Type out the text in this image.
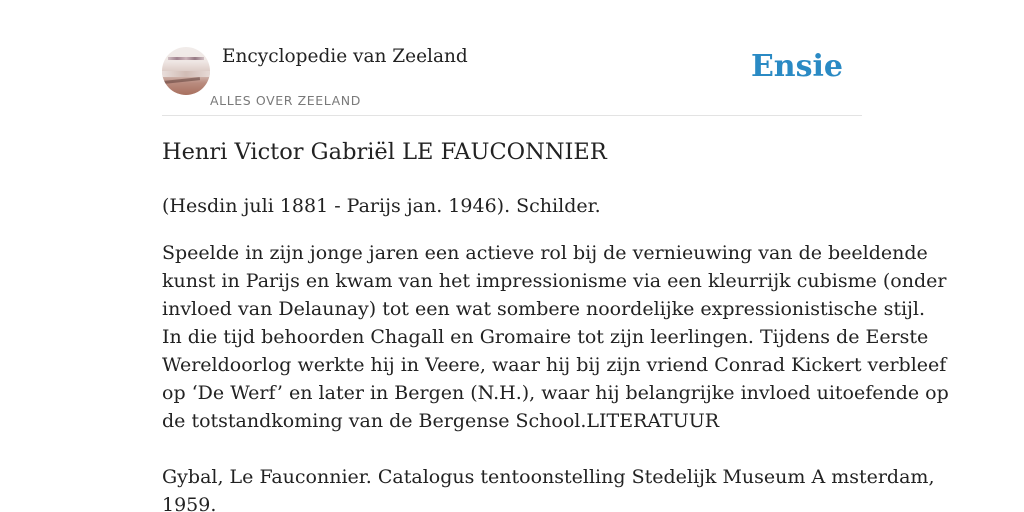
Encyclopedie van Zeeland
ALLES OVER ZEELAND
Ensie
Henri Victor Gabriël LE FAUCONNIER

(Hesdin juli 1881 - Parijs jan. 1946). Schilder.

Speelde in zijn jonge jaren een actieve rol bij de vernieuwing van de beeldende
kunst in Parijs en kwam van het impressionisme via een kleurrijk cubisme (onder
invloed van Delaunay) tot een wat sombere noordelijke expressionistische stijl.
In die tijd behoorden Chagall en Gromaire tot zijn leerlingen. Tijdens de Eerste
Wereldoorlog werkte hij in Veere, waar hij bij zijn vriend Conrad Kickert verbleef
op ‘De Werf’ en later in Bergen (N.H.), waar hij belangrijke invloed uitoefende op
de totstandkoming van de Bergense School.LITERATUUR

Gybal, Le Fauconnier. Catalogus tentoonstelling Stedelijk Museum A msterdam,
1959.
